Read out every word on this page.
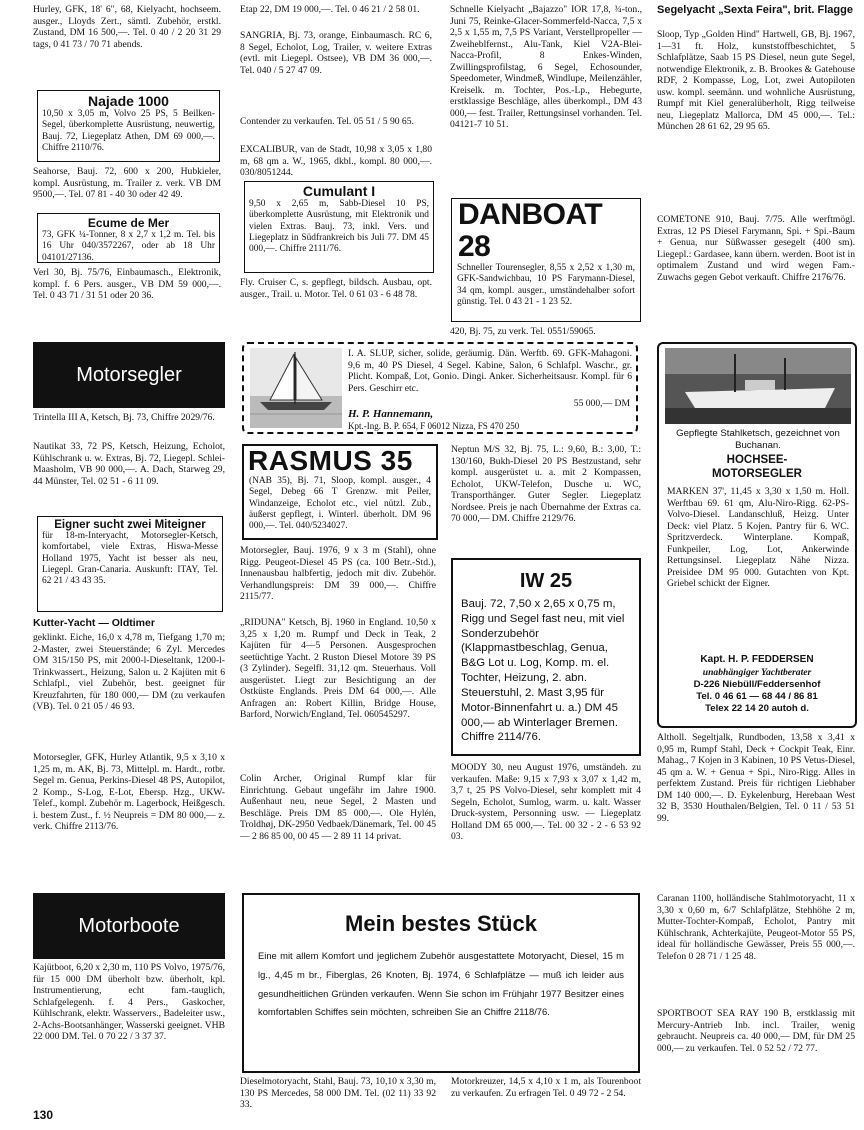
Hurley, GFK, 18' 6", 68, Kielyacht, hochseem. ausger., Lloyds Zert., sämtl. Zubehör, erstkl. Zustand, DM 16 500,—. Tel. 0 40 / 2 20 31 29 tags, 0 41 73 / 70 71 abends.

Najade 1000

10,50 x 3,05 m, Volvo 25 PS, 5 Beilken-Segel, überkomplette Ausrüstung, neuwertig, Bauj. 72, Liegeplatz Athen, DM 69 000,—. Chiffre 2110/76.

Seahorse, Bauj. 72, 600 x 200, Hubkieler, kompl. Ausrüstung, m. Trailer z. verk. VB DM 9500,—. Tel. 07 81 - 40 30 oder 42 49.

Ecume de Mer

73, GFK ¼-Tonner, 8 x 2,7 x 1,2 m. Tel. bis 16 Uhr 040/3572267, oder ab 18 Uhr 04101/27136.

Verl 30, Bj. 75/76, Einbaumasch., Elektronik, kompl. f. 6 Pers. ausger., VB DM 59 000,—. Tel. 0 43 71 / 31 51 oder 20 36.

Etap 22, DM 19 000,—. Tel. 0 46 21 / 2 58 01.

SANGRIA, Bj. 73, orange, Einbaumasch. RC 6, 8 Segel, Echolot, Log, Trailer, v. weitere Extras (evtl. mit Liegepl. Ostsee), VB DM 36 000,—. Tel. 040 / 5 27 47 09.

Contender zu verkaufen. Tel. 05 51 / 5 90 65.

EXCALIBUR, van de Stadt, 10,98 x 3,05 x 1,80 m, 68 qm a. W., 1965, dkbl., kompl. 80 000,—. 030/8051244.

Cumulant I

9,50 x 2,65 m, Sabb-Diesel 10 PS, überkomplette Ausrüstung, mit Elektronik und vielen Extras. Bauj. 73, inkl. Vers. und Liegeplatz in Südfrankreich bis Juli 77. DM 45 000,—. Chiffre 2111/76.

Fly. Cruiser C, s. gepflegt, bildsch. Ausbau, opt. ausger., Trail. u. Motor. Tel. 0 61 03 - 6 48 78.

Schnelle Kielyacht „Bajazzo" IOR 17,8, ¾-ton., Juni 75, Reinke-Glacer-Sommerfeld-Nacca, 7,5 x 2,5 x 1,55 m, 7,5 PS Variant, Verstellpropeller — Zweiheblfernst., Alu-Tank, Kiel V2A-Blei-Nacca-Profil, 8 Enkes-Winden, Zwillingsprofilstag, 6 Segel, Echosounder, Speedometer, Windmeß, Windlupe, Meilenzähler, Kreiselk. m. Tochter, Pos.-Lp., Hebegurte, erstklassige Beschläge, alles überkompl., DM 43 000,— fest. Trailer, Rettungsinsel vorhanden. Tel. 04121-7 10 51.

DANBOAT 28

Schneller Tourensegler, 8,55 x 2,52 x 1,30 m, GFK-Sandwichbau, 10 PS Farymann-Diesel, 34 qm, kompl. ausger., umständehalber sofort günstig. Tel. 0 43 21 - 1 23 52.

420, Bj. 75, zu verk. Tel. 0551/59065.

Segelyacht „Sexta Feira", brit. Flagge

Sloop, Typ „Golden Hind" Hartwell, GB, Bj. 1967, 1—31 ft. Holz, kunststoffbeschichtet, 5 Schlafplätze, Saab 15 PS Diesel, neun gute Segel, notwendige Elektronik, z. B. Brookes & Gatehouse RDF, 2 Kompasse, Log, Lot, zwei Autopiloten usw. kompl. seemänn. und wohnliche Ausrüstung, Rumpf mit Kiel generalüberholt, Rigg teilweise neu, Liegeplatz Mallorca, DM 45 000,—. Tel.: München 28 61 62, 29 95 65.

COMETONE 910, Bauj. 7/75. Alle werftmögl. Extras, 12 PS Diesel Farymann, Spi. + Spi.-Baum + Genua, nur Süßwasser gesegelt (400 sm). Liegepl.: Gardasee, kann übern. werden. Boot ist in optimalem Zustand und wird wegen Fam.-Zuwachs gegen Gebot verkauft. Chiffre 2176/76.

Motorsegler

Trintella III A, Ketsch, Bj. 73, Chiffre 2029/76.

Nautikat 33, 72 PS, Ketsch, Heizung, Echolot, Kühlschrank u. w. Extras, Bj. 72, Liegepl. Schlei-Maasholm, VB 90 000,—. A. Dach, Starweg 29, 44 Münster, Tel. 02 51 - 6 11 09.

Eigner sucht zwei Miteigner

für 18-m-Interyacht, Motorsegler-Ketsch, komfortabel, viele Extras, Hiswa-Messe Holland 1975, Yacht ist besser als neu, Liegepl. Gran-Canaria. Auskunft: ITAY, Tel. 62 21 / 43 43 35.

Kutter-Yacht — Oldtimer

geklinkt. Eiche, 16,0 x 4,78 m, Tiefgang 1,70 m; 2-Master, zwei Steuerstände; 6 Zyl. Mercedes OM 315/150 PS, mit 2000-l-Dieseltank, 1200-l-Trinkwassert., Heizung, Salon u. 2 Kajüten mit 6 Schlafpl., viel Zubehör, best. geeignet für Kreuzfahrten, für 180 000,— DM (zu verkaufen (VB). Tel. 0 21 05 / 46 93.

Motorsegler, GFK, Hurley Atlantik, 9,5 x 3,10 x 1,25 m, m. AK, Bj. 73, Mittelpl. m. Hardt., rotbr. Segel m. Genua, Perkins-Diesel 48 PS, Autopilot, 2 Komp., S-Log, E-Lot, Ebersp. Hzg., UKW-Telef., kompl. Zubehör m. Lagerbock, Heißgesch. i. bestem Zust., f. ½ Neupreis = DM 80 000,— z. verk. Chiffre 2113/76.

I. A. SLUP, sicher, solide, geräumig. Dän. Werftb. 69. GFK-Mahagoni. 9,6 m, 40 PS Diesel, 4 Segel. Kabine, Salon, 6 Schlafpl. Waschr., gr. Plicht. Kompaß, Lot, Gonio. Dingi. Anker. Sicherheitsausr. Kompl. für 6 Pers. Geschirr etc.

55 000,— DM

H. P. Hannemann,

Kpt.-Ing. B. P. 654, F 06012 Nizza, FS 470 250

RASMUS 35

(NAB 35), Bj. 71, Sloop, kompl. ausger., 4 Segel, Debeg 66 T Grenzw. mit Peiler, Windanzeige, Echolot etc., viel nützl. Zub., äußerst gepflegt, i. Winterl. überholt. DM 96 000,—. Tel. 040/5234027.

Motorsegler, Bauj. 1976, 9 x 3 m (Stahl), ohne Rigg. Peugeot-Diesel 45 PS (ca. 100 Betr.-Std.), Innenausbau halbfertig, jedoch mit div. Zubehör. Verhandlungspreis: DM 39 000,—. Chiffre 2115/77.

„RIDUNA" Ketsch, Bj. 1960 in England. 10,50 x 3,25 x 1,20 m. Rumpf und Deck in Teak, 2 Kajüten für 4—5 Personen. Ausgesprochen seetüchtige Yacht. 2 Ruston Diesel Motore 39 PS (3 Zylinder). Segelfl. 31,12 qm. Steuerhaus. Voll ausgerüstet. Liegt zur Besichtigung an der Ostküste Englands. Preis DM 64 000,—. Alle Anfragen an: Robert Killin, Bridge House, Barford, Norwich/England, Tel. 060545297.

Colin Archer, Original Rumpf klar für Einrichtung. Gebaut ungefähr im Jahre 1900. Außenhaut neu, neue Segel, 2 Masten und Beschläge. Preis DM 85 000,—. Ole Hylén, Troldhøj, DK-2950 Vedbaek/Dänemark, Tel. 00 45 — 2 86 85 00, 00 45 — 2 89 11 14 privat.

Neptun M/S 32, Bj. 75, L.: 9,60, B.: 3,00, T.: 130/160, Bukh-Diesel 20 PS Bestzustand, sehr kompl. ausgerüstet u. a. mit 2 Kompassen, Echolot, UKW-Telefon, Dusche u. WC, Transporthänger. Guter Segler. Liegeplatz Nordsee. Preis je nach Übernahme der Extras ca. 70 000,— DM. Chiffre 2129/76.

IW 25

Bauj. 72, 7,50 x 2,65 x 0,75 m, Rigg und Segel fast neu, mit viel Sonderzubehör (Klappmastbeschlag, Genua, B&G Lot u. Log, Komp. m. el. Tochter, Heizung, 2. abn. Steuerstuhl, 2. Mast 3,95 für Motor-Binnenfahrt u. a.) DM 45 000,— ab Winterlager Bremen. Chiffre 2114/76.

MOODY 30, neu August 1976, umständeh. zu verkaufen. Maße: 9,15 x 7,93 x 3,07 x 1,42 m, 3,7 t, 25 PS Volvo-Diesel, sehr komplett mit 4 Segeln, Echolot, Sumlog, warm. u. kalt. Wasser Druck-system, Personning usw. — Liegeplatz Holland DM 65 000,—. Tel. 00 32 - 2 - 6 53 92 03.

Gepflegte Stahlketsch, gezeichnet von Buchanan.

HOCHSEE-
MOTORSEGLER

MARKEN 37', 11,45 x 3,30 x 1,50 m. Holl. Werftbau 69. 61 qm, Alu-Niro-Rigg. 62-PS-Volvo-Diesel. Landanschluß, Heizg. Unter Deck: viel Platz. 5 Kojen. Pantry für 6. WC. Spritzverdeck. Winterplane. Kompaß, Funkpeiler, Log, Lot, Ankerwinde Rettungsinsel. Liegeplatz Nähe Nizza. Preisidee DM 95 000. Gutachten von Kpt. Griebel schickt der Eigner.

Kapt. H. P. FEDDERSEN

unabhängiger Yachtberater

D-226 Niebüll/Feddersenhof

Tel. 0 46 61 — 68 44 / 86 81

Telex 22 14 20 autoh d.

Altholl. Segeltjalk, Rundboden, 13,58 x 3,41 x 0,95 m, Rumpf Stahl, Deck + Cockpit Teak, Einr. Mahag., 7 Kojen in 3 Kabinen, 10 PS Vetus-Diesel, 45 qm a. W. + Genua + Spi., Niro-Rigg. Alles in perfektem Zustand. Preis für richtigen Liebhaber DM 140 000,—. D. Eykelenburg, Herebaan West 32 B, 3530 Houthalen/Belgien, Tel. 0 11 / 53 51 99.

Motorboote

Kajütboot, 6,20 x 2,30 m, 110 PS Volvo, 1975/76, für 15 000 DM überholt bzw. überholt, kpl. Instrumentierung, echt fam.-tauglich, Schlafgelegenh. f. 4 Pers., Gaskocher, Kühlschrank, elektr. Wasservers., Badeleiter usw., 2-Achs-Bootsanhänger, Wasserski geeignet. VHB 22 000 DM. Tel. 0 70 22 / 3 37 37.

Mein bestes Stück

Eine mit allem Komfort und jeglichem Zubehör ausgestattete Motoryacht, Diesel, 15 m lg., 4,45 m br., Fiberglas, 26 Knoten, Bj. 1974, 6 Schlafplätze — muß ich leider aus gesundheitlichen Gründen verkaufen. Wenn Sie schon im Frühjahr 1977 Besitzer eines komfortablen Schiffes sein möchten, schreiben Sie an Chiffre 2118/76.

Dieselmotoryacht, Stahl, Bauj. 73, 10,10 x 3,30 m, 130 PS Mercedes, 58 000 DM. Tel. (02 11) 33 92 33.

Motorkreuzer, 14,5 x 4,10 x 1 m, als Tourenboot zu verkaufen. Zu erfragen Tel. 0 49 72 - 2 54.

Caranan 1100, holländische Stahlmotoryacht, 11 x 3,30 x 0,60 m, 6/7 Schlafplätze, Stehhöhe 2 m, Mutter-Tochter-Kompaß, Echolot, Pantry mit Kühlschrank, Achterkajüte, Peugeot-Motor 55 PS, ideal für holländische Gewässer, Preis 55 000,—. Telefon 0 28 71 / 1 25 48.

SPORTBOOT SEA RAY 190 B, erstklassig mit Mercury-Antrieb Inb. incl. Trailer, wenig gebraucht. Neupreis ca. 40 000,— DM, für DM 25 000,— zu verkaufen. Tel. 0 52 52 / 72 77.

130
